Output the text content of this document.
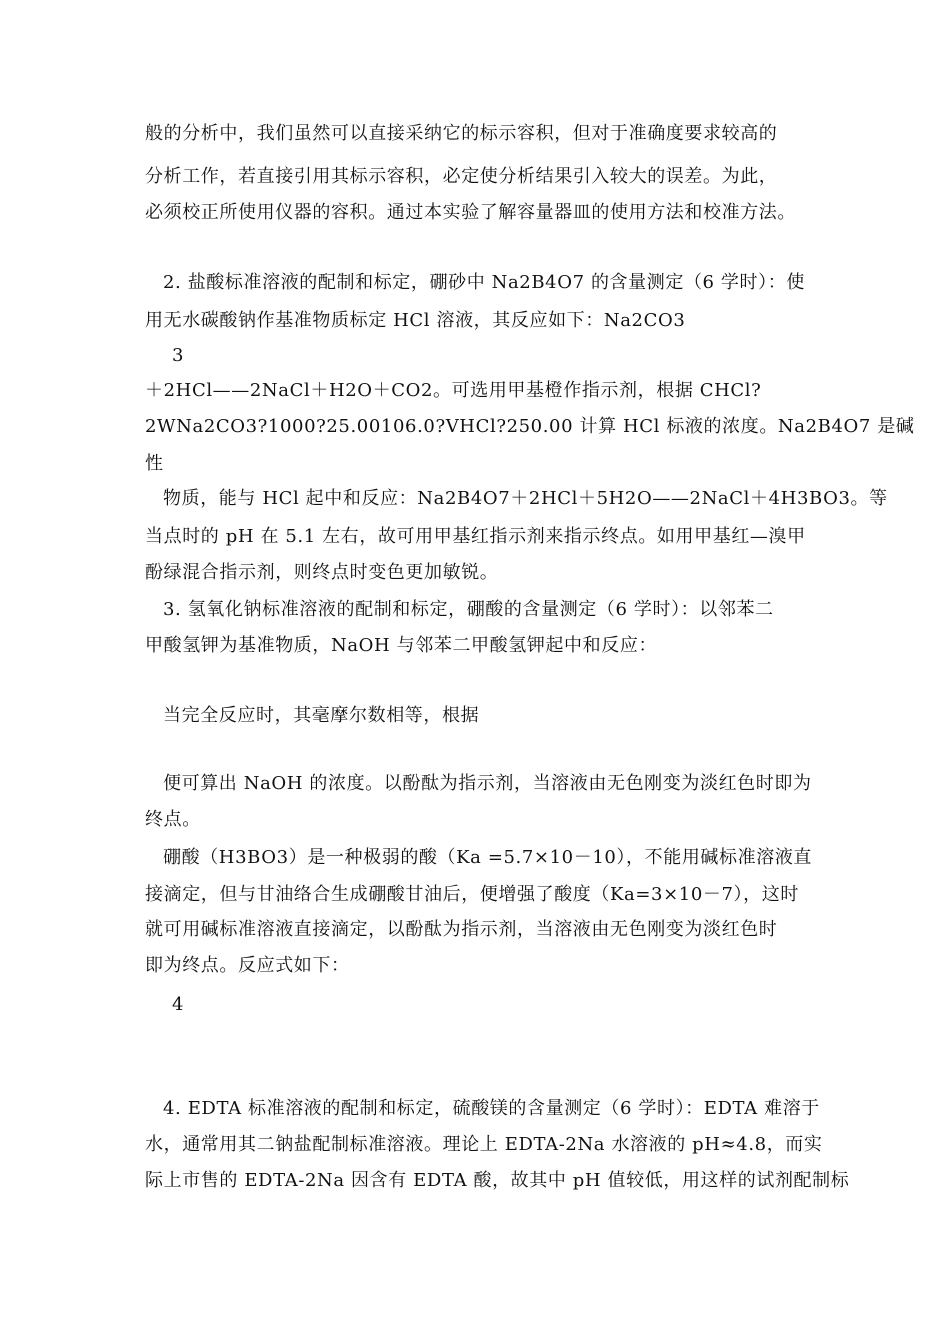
般的分析中，我们虽然可以直接采纳它的标示容积，但对于准确度要求较高的
分析工作，若直接引用其标示容积，必定使分析结果引入较大的误差。为此，
必须校正所使用仪器的容积。通过本实验了解容量器皿的使用方法和校准方法。
2. 盐酸标准溶液的配制和标定，硼砂中 Na2B4O7 的含量测定（6 学时）：使
用无水碳酸钠作基准物质标定 HCl 溶液，其反应如下：Na2CO3
3
＋2HCl——2NaCl＋H2O＋CO2。可选用甲基橙作指示剂，根据 CHCl?
2WNa2CO3?1000?25.00106.0?VHCl?250.00 计算 HCl 标液的浓度。Na2B4O7 是碱
性
物质，能与 HCl 起中和反应：Na2B4O7＋2HCl＋5H2O——2NaCl＋4H3BO3。等
当点时的 pH 在 5.1 左右，故可用甲基红指示剂来指示终点。如用甲基红—溴甲
酚绿混合指示剂，则终点时变色更加敏锐。
3. 氢氧化钠标准溶液的配制和标定，硼酸的含量测定（6 学时）：以邻苯二
甲酸氢钾为基准物质，NaOH 与邻苯二甲酸氢钾起中和反应：
当完全反应时，其毫摩尔数相等，根据
便可算出 NaOH 的浓度。以酚酞为指示剂，当溶液由无色刚变为淡红色时即为
终点。
硼酸（H3BO3）是一种极弱的酸（Ka =5.7×10－10），不能用碱标准溶液直
接滴定，但与甘油络合生成硼酸甘油后，便增强了酸度（Ka=3×10－7），这时
就可用碱标准溶液直接滴定，以酚酞为指示剂，当溶液由无色刚变为淡红色时
即为终点。反应式如下：
4
4. EDTA 标准溶液的配制和标定，硫酸镁的含量测定（6 学时）：EDTA 难溶于
水，通常用其二钠盐配制标准溶液。理论上 EDTA-2Na 水溶液的 pH≈4.8，而实
际上市售的 EDTA-2Na 因含有 EDTA 酸，故其中 pH 值较低，用这样的试剂配制标
